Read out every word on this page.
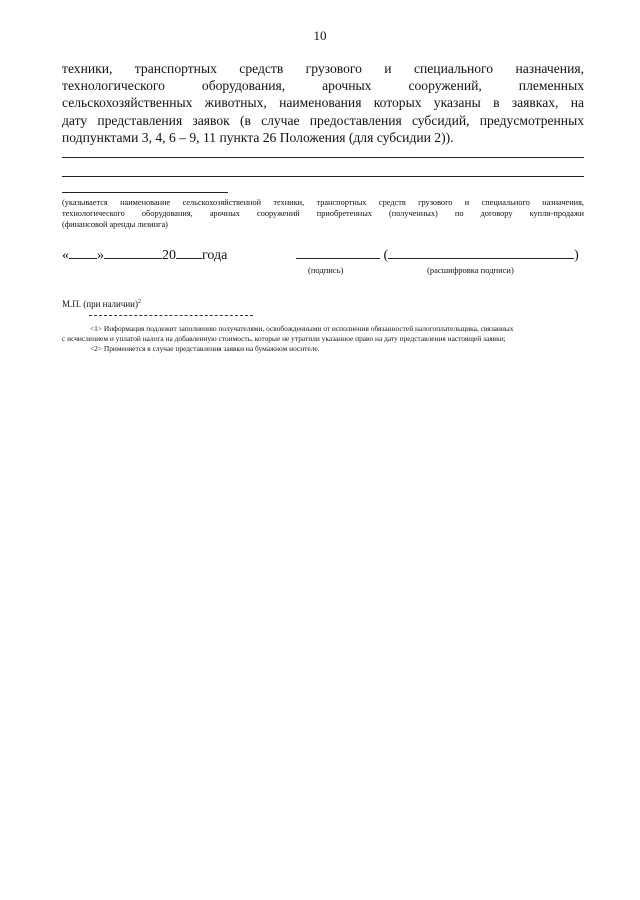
10
техники, транспортных средств грузового и специального назначения,
технологического оборудования, арочных сооружений, племенных
сельскохозяйственных животных, наименования которых указаны в заявках, на
дату представления заявок (в случае предоставления субсидий, предусмотренных
подпунктами 3, 4, 6 – 9, 11 пункта 26 Положения (для субсидии 2)).
(указывается наименование сельскохозяйственной техники, транспортных средств грузового и специального назначения,
технологического оборудования, арочных сооружений приобретенных (полученных) по договору купли-продажи
(финансовой аренды лизинга)
« »	20 года	(	)
(подпись)	(расшифровка подписи)
М.П. (при наличии)$^2$
<1> Информация подлежит заполнению получателями, освобожденными от исполнения обязанностей налогоплательщика, связанных
с исчислением и уплатой налога на добавленную стоимость, которые не утратили указанное право на дату представления настоящей заявки;
<2> Применяется в случае представления заявки на бумажном носителе.
